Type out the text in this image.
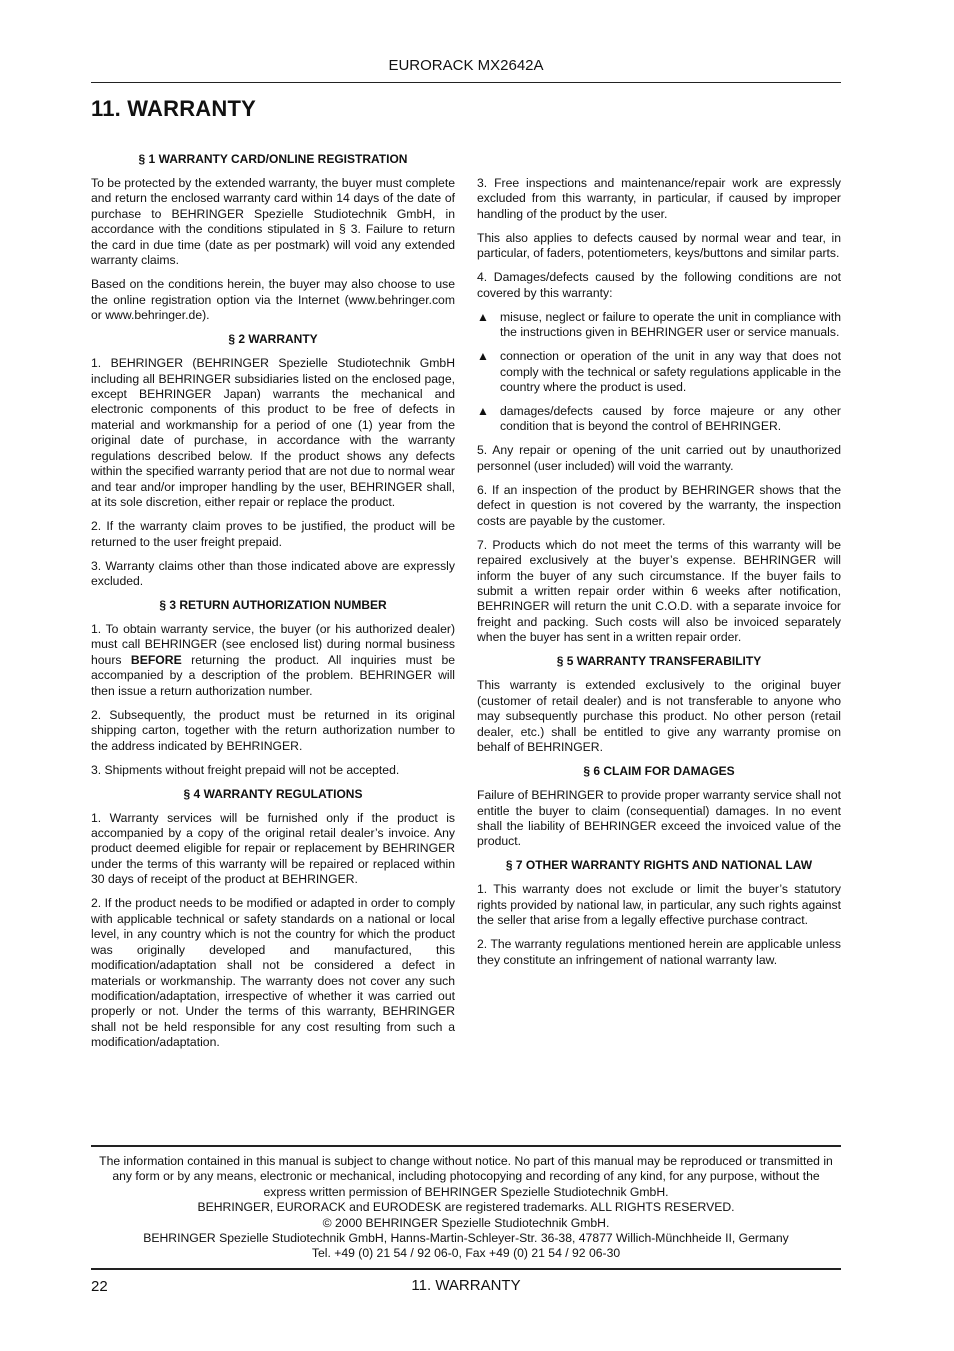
EURORACK MX2642A
11. WARRANTY
§ 1 WARRANTY CARD/ONLINE REGISTRATION

To be protected by the extended warranty, the buyer must complete and return the enclosed warranty card within 14 days of the date of purchase to BEHRINGER Spezielle Studiotechnik GmbH, in accordance with the conditions stipulated in § 3. Failure to return the card in due time (date as per postmark) will void any extended warranty claims.

Based on the conditions herein, the buyer may also choose to use the online registration option via the Internet (www.behringer.com or www.behringer.de).

§ 2 WARRANTY

1. BEHRINGER (BEHRINGER Spezielle Studiotechnik GmbH including all BEHRINGER subsidiaries listed on the enclosed page, except BEHRINGER Japan) warrants the mechanical and electronic components of this product to be free of defects in material and workmanship for a period of one (1) year from the original date of purchase, in accordance with the warranty regulations described below. If the product shows any defects within the specified warranty period that are not due to normal wear and tear and/or improper handling by the user, BEHRINGER shall, at its sole discretion, either repair or replace the product.

2. If the warranty claim proves to be justified, the product will be returned to the user freight prepaid.

3. Warranty claims other than those indicated above are expressly excluded.

§ 3 RETURN AUTHORIZATION NUMBER

1. To obtain warranty service, the buyer (or his authorized dealer) must call BEHRINGER (see enclosed list) during normal business hours BEFORE returning the product. All inquiries must be accompanied by a description of the problem. BEHRINGER will then issue a return authorization number.

2. Subsequently, the product must be returned in its original shipping carton, together with the return authorization number to the address indicated by BEHRINGER.

3. Shipments without freight prepaid will not be accepted.

§ 4 WARRANTY REGULATIONS

1. Warranty services will be furnished only if the product is accompanied by a copy of the original retail dealer’s invoice. Any product deemed eligible for repair or replacement by BEHRINGER under the terms of this warranty will be repaired or replaced within 30 days of receipt of the product at BEHRINGER.

2. If the product needs to be modified or adapted in order to comply with applicable technical or safety standards on a national or local level, in any country which is not the country for which the product was originally developed and manufactured, this modification/adaptation shall not be considered a defect in materials or workmanship. The warranty does not cover any such modification/adaptation, irrespective of whether it was carried out properly or not. Under the terms of this warranty, BEHRINGER shall not be held responsible for any cost resulting from such a modification/adaptation.

3. Free inspections and maintenance/repair work are expressly excluded from this warranty, in particular, if caused by improper handling of the product by the user.

This also applies to defects caused by normal wear and tear, in particular, of faders, potentiometers, keys/buttons and similar parts.

4. Damages/defects caused by the following conditions are not covered by this warranty:

▲ misuse, neglect or failure to operate the unit in compliance with the instructions given in BEHRINGER user or service manuals.
▲ connection or operation of the unit in any way that does not comply with the technical or safety regulations applicable in the country where the product is used.
▲ damages/defects caused by force majeure or any other condition that is beyond the control of BEHRINGER.

5. Any repair or opening of the unit carried out by unauthorized personnel (user included) will void the warranty.

6. If an inspection of the product by BEHRINGER shows that the defect in question is not covered by the warranty, the inspection costs are payable by the customer.

7. Products which do not meet the terms of this warranty will be repaired exclusively at the buyer’s expense. BEHRINGER will inform the buyer of any such circumstance. If the buyer fails to submit a written repair order within 6 weeks after notification, BEHRINGER will return the unit C.O.D. with a separate invoice for freight and packing. Such costs will also be invoiced separately when the buyer has sent in a written repair order.

§ 5 WARRANTY TRANSFERABILITY

This warranty is extended exclusively to the original buyer (customer of retail dealer) and is not transferable to anyone who may subsequently purchase this product. No other person (retail dealer, etc.) shall be entitled to give any warranty promise on behalf of BEHRINGER.

§ 6 CLAIM FOR DAMAGES

Failure of BEHRINGER to provide proper warranty service shall not entitle the buyer to claim (consequential) damages. In no event shall the liability of BEHRINGER exceed the invoiced value of the product.

§ 7 OTHER WARRANTY RIGHTS AND NATIONAL LAW

1. This warranty does not exclude or limit the buyer’s statutory rights provided by national law, in particular, any such rights against the seller that arise from a legally effective purchase contract.

2. The warranty regulations mentioned herein are applicable unless they constitute an infringement of national warranty law.

The information contained in this manual is subject to change without notice. No part of this manual may be reproduced or transmitted in any form or by any means, electronic or mechanical, including photocopying and recording of any kind, for any purpose, without the express written permission of BEHRINGER Spezielle Studiotechnik GmbH.
BEHRINGER, EURORACK and EURODESK are registered trademarks. ALL RIGHTS RESERVED.
© 2000 BEHRINGER Spezielle Studiotechnik GmbH.
BEHRINGER Spezielle Studiotechnik GmbH, Hanns-Martin-Schleyer-Str. 36-38, 47877 Willich-Münchheide II, Germany
Tel. +49 (0) 21 54 / 92 06-0, Fax +49 (0) 21 54 / 92 06-30
22	11. WARRANTY
